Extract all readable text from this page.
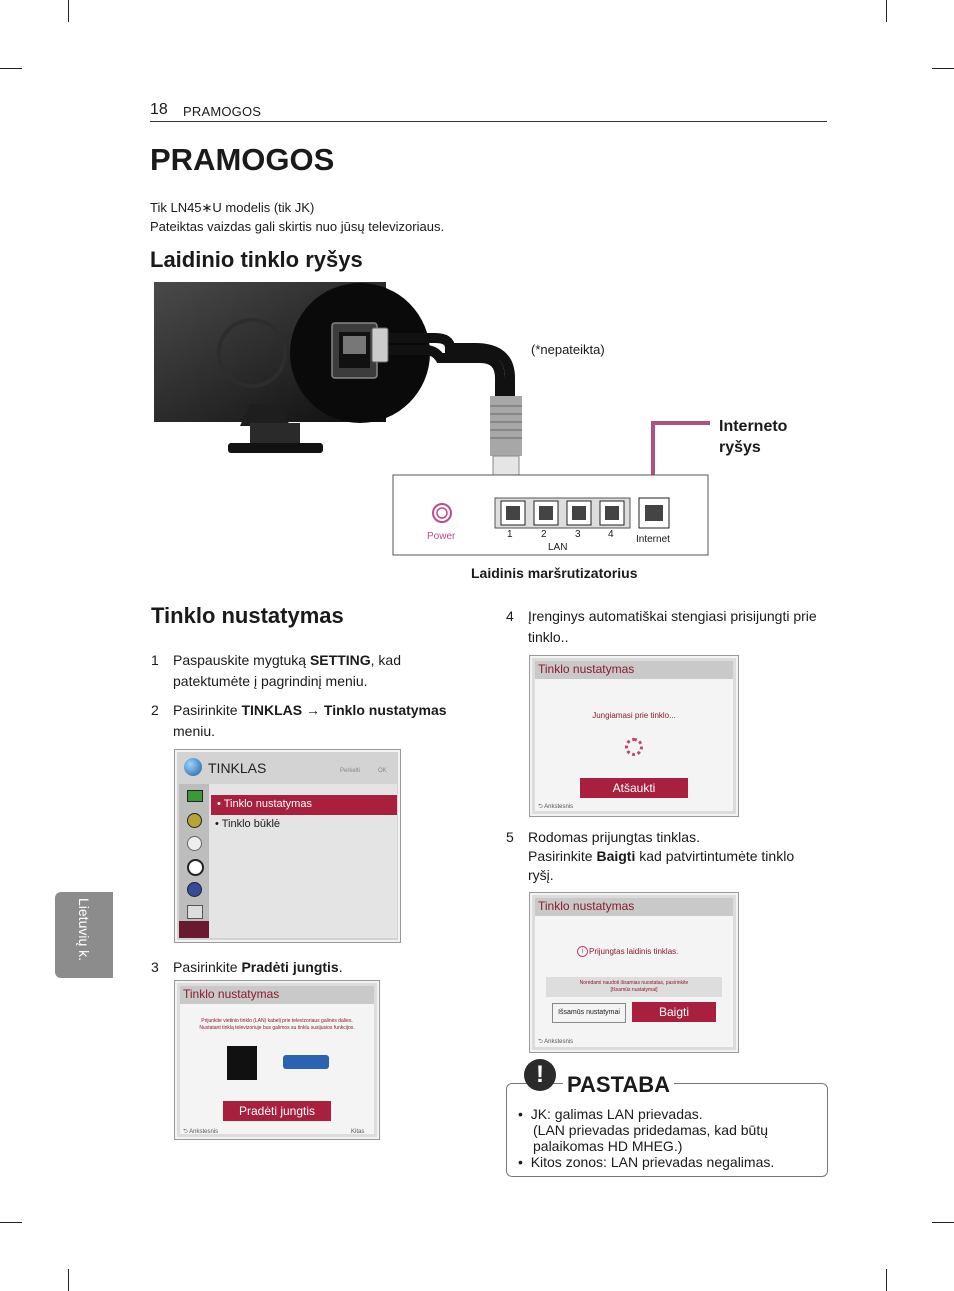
18 PRAMOGOS
PRAMOGOS
Tik LN45∗U modelis (tik JK)
Pateiktas vaizdas gali skirtis nuo jūsų televizoriaus.
Laidinio tinklo ryšys
(*nepateikta)
Interneto
ryšys
Power	1	2	3	4
LAN
Internet
Laidinis maršrutizatorius
Tinklo nustatymas
1 Paspauskite mygtuką SETTING, kad
patektumėte į pagrindinį meniu.
2 Pasirinkite TINKLAS → Tinklo nustatymas
meniu.
TINKLAS	Perkelti	OK
• Tinklo nustatymas
• Tinklo būklė
3 Pasirinkite Pradėti jungtis.
Tinklo nustatymas
Prijunkite vietinio tinklo (LAN) kabelį prie televizoriaus galinės dalies.
Nustatant tinklą televizoriuje bus galimos su tinklu susijusios funkcijos.
Pradėti jungtis
⮌ Ankstesnis	Kitas
4 Įrenginys automatiškai stengiasi prisijungti prie
tinklo..
Tinklo nustatymas
Jungiamasi prie tinklo...
Atšaukti
⮌ Ankstesnis
5 Rodomas prijungtas tinklas.
Pasirinkite Baigti kad patvirtintumėte tinklo
ryšį.
Tinklo nustatymas
i Prijungtas laidinis tinklas.
Norėdami naudoti išsamias nuostatas, pasirinkite
[Išsamūs nustatymai]
Išsamūs nustatymai	Baigti
⮌ Ankstesnis
!	PASTABA
•  JK: galimas LAN prievadas.
(LAN prievadas pridedamas, kad būtų
palaikomas HD MHEG.)
•  Kitos zonos: LAN prievadas negalimas.
Lietuvių k.
